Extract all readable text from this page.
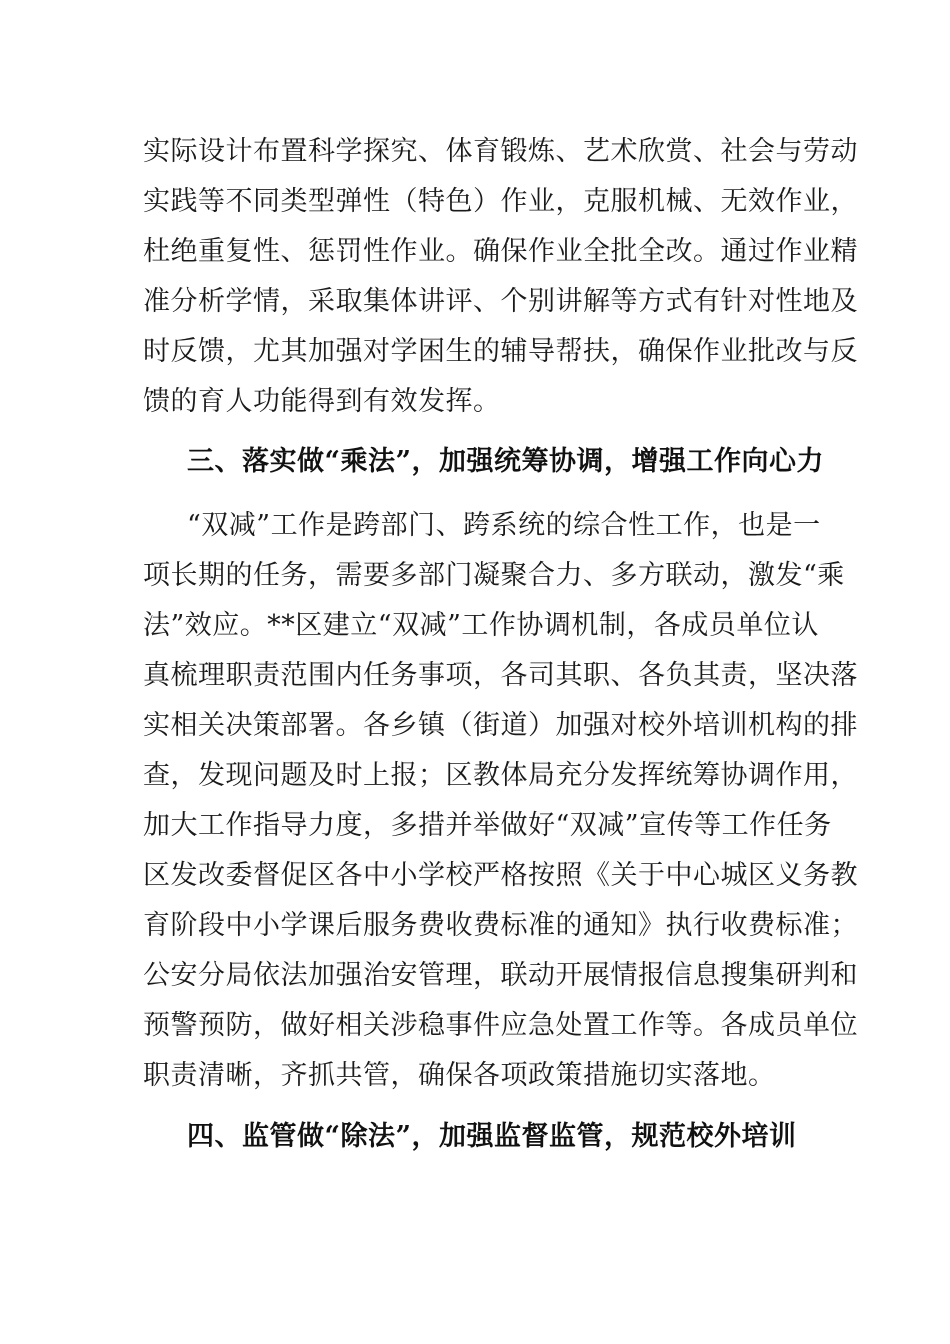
实际设计布置科学探究、体育锻炼、艺术欣赏、社会与劳动
实践等不同类型弹性（特色）作业，克服机械、无效作业，
杜绝重复性、惩罚性作业。确保作业全批全改。通过作业精
准分析学情，采取集体讲评、个别讲解等方式有针对性地及
时反馈，尤其加强对学困生的辅导帮扶，确保作业批改与反
馈的育人功能得到有效发挥。
三、落实做“乘法”，加强统筹协调，增强工作向心力
“双减”工作是跨部门、跨系统的综合性工作，也是一
项长期的任务，需要多部门凝聚合力、多方联动，激发“乘
法”效应。**区建立“双减”工作协调机制，各成员单位认
真梳理职责范围内任务事项，各司其职、各负其责，坚决落
实相关决策部署。各乡镇（街道）加强对校外培训机构的排
查，发现问题及时上报；区教体局充分发挥统筹协调作用，
加大工作指导力度，多措并举做好“双减”宣传等工作任务
区发改委督促区各中小学校严格按照《关于中心城区义务教
育阶段中小学课后服务费收费标准的通知》执行收费标准；
公安分局依法加强治安管理，联动开展情报信息搜集研判和
预警预防，做好相关涉稳事件应急处置工作等。各成员单位
职责清晰，齐抓共管，确保各项政策措施切实落地。
四、监管做“除法”，加强监督监管，规范校外培训
